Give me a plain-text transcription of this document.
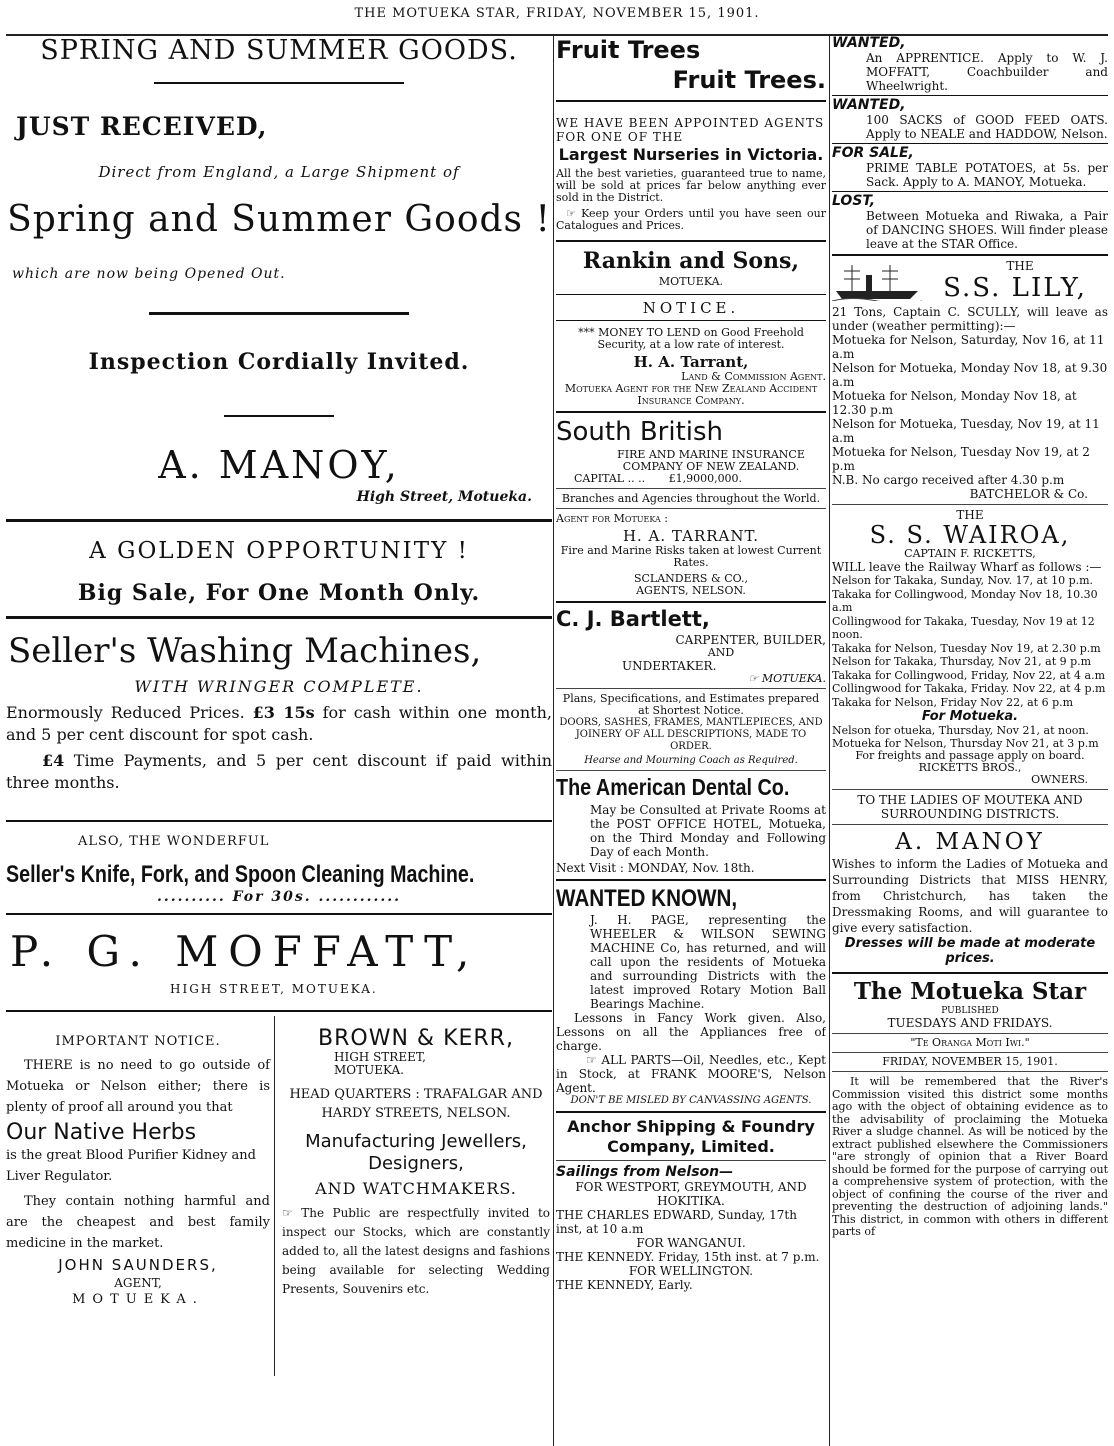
THE MOTUEKA STAR, FRIDAY, NOVEMBER 15, 1901.
SPRING AND SUMMER GOODS.
JUST RECEIVED,
Direct from England, a Large Shipment of
Spring and Summer Goods !
which are now being Opened Out.
Inspection Cordially Invited.
A. MANOY,
High Street, Motueka.
A GOLDEN OPPORTUNITY !
Big Sale, For One Month Only.
Seller's Washing Machines,
WITH WRINGER COMPLETE.
Enormously Reduced Prices. £3 15s for cash within one month, and 5 per cent discount for spot cash.
£4 Time Payments, and 5 per cent discount if paid within three months.
ALSO, THE WONDERFUL
Seller's Knife, Fork, and Spoon Cleaning Machine.
.......... For 30s. ............
P. G. MOFFATT,
HIGH STREET, MOTUEKA.
IMPORTANT NOTICE.
THERE is no need to go outside of Motueka or Nelson either; there is plenty of proof all around you that
Our Native Herbs
is the great Blood Purifier Kidney and Liver Regulator.
They contain nothing harmful and are the cheapest and best family medicine in the market.
JOHN SAUNDERS,
AGENT,
MOTUEKA.
BROWN & KERR,
HIGH STREET,
MOTUEKA.
HEAD QUARTERS : TRAFALGAR AND HARDY STREETS, NELSON.
Manufacturing Jewellers, Designers,
AND WATCHMAKERS.
☞ The Public are respectfully invited to inspect our Stocks, which are constantly added to, all the latest designs and fashions being available for selecting Wedding Presents, Souvenirs etc.
Fruit Trees
Fruit Trees.
WE HAVE BEEN APPOINTED AGENTS FOR ONE OF THE
Largest Nurseries in Victoria.
All the best varieties, guaranteed true to name, will be sold at prices far below anything ever sold in the District.
☞ Keep your Orders until you have seen our Catalogues and Prices.
Rankin and Sons,
MOTUEKA.
NOTICE.
*** MONEY TO LEND on Good Freehold Security, at a low rate of interest.
H. A. Tarrant,
Land & Commission Agent.
Motueka Agent for the New Zealand Accident Insurance Company.
South British
FIRE AND MARINE INSURANCE COMPANY OF NEW ZEALAND.
CAPITAL .. .. £1,9000,000.
Branches and Agencies throughout the World.
Agent for Motueka :
H. A. TARRANT.
Fire and Marine Risks taken at lowest Current Rates.
SCLANDERS & CO.,
AGENTS, NELSON.
C. J. Bartlett,
CARPENTER, BUILDER,
AND
UNDERTAKER.
☞ MOTUEKA.
Plans, Specifications, and Estimates prepared at Shortest Notice.
DOORS, SASHES, FRAMES, MANTLEPIECES, AND JOINERY OF ALL DESCRIPTIONS, MADE TO ORDER.
Hearse and Mourning Coach as Required.
The American Dental Co.
May be Consulted at Private Rooms at the POST OFFICE HOTEL, Motueka, on the Third Monday and Following Day of each Month.
Next Visit : MONDAY, Nov. 18th.
WANTED KNOWN,
J. H. PAGE, representing the WHEELER & WILSON SEWING MACHINE Co, has returned, and will call upon the residents of Motueka and surrounding Districts with the latest improved Rotary Motion Ball Bearings Machine.
Lessons in Fancy Work given. Also, Lessons on all the Appliances free of charge.
☞ ALL PARTS—Oil, Needles, etc., Kept in Stock, at FRANK MOORE'S, Nelson Agent.
DON'T BE MISLED BY CANVASSING AGENTS.
Anchor Shipping & Foundry Company, Limited.
Sailings from Nelson—
FOR WESTPORT, GREYMOUTH, AND HOKITIKA.
THE CHARLES EDWARD, Sunday, 17th inst, at 10 a.m
FOR WANGANUI.
THE KENNEDY. Friday, 15th inst. at 7 p.m.
FOR WELLINGTON.
THE KENNEDY, Early.
WANTED,
An APPRENTICE. Apply to W. J. MOFFATT, Coachbuilder and Wheelwright.
WANTED,
100 SACKS of GOOD FEED OATS. Apply to NEALE and HADDOW, Nelson.
FOR SALE,
PRIME TABLE POTATOES, at 5s. per Sack. Apply to A. MANOY, Motueka.
LOST,
Between Motueka and Riwaka, a Pair of DANCING SHOES. Will finder please leave at the STAR Office.
THE
S.S. LILY,
21 Tons, Captain C. SCULLY, will leave as under (weather permitting):—
Motueka for Nelson, Saturday, Nov 16, at 11 a.m
Nelson for Motueka, Monday Nov 18, at 9.30 a.m
Motueka for Nelson, Monday Nov 18, at 12.30 p.m
Nelson for Motueka, Tuesday, Nov 19, at 11 a.m
Motueka for Nelson, Tuesday Nov 19, at 2 p.m
N.B. No cargo received after 4.30 p.m
BATCHELOR & Co.
THE
S. S. WAIROA,
CAPTAIN F. RICKETTS,
WILL leave the Railway Wharf as follows :—
Nelson for Takaka, Sunday, Nov. 17, at 10 p.m.
Takaka for Collingwood, Monday Nov 18, 10.30 a.m
Collingwood for Takaka, Tuesday, Nov 19 at 12 noon.
Takaka for Nelson, Tuesday Nov 19, at 2.30 p.m
Nelson for Takaka, Thursday, Nov 21, at 9 p.m
Takaka for Collingwood, Friday, Nov 22, at 4 a.m
Collingwood for Takaka, Friday. Nov 22, at 4 p.m
Takaka for Nelson, Friday Nov 22, at 6 p.m
For Motueka.
Nelson for otueka, Thursday, Nov 21, at noon.
Motueka for Nelson, Thursday Nov 21, at 3 p.m
For freights and passage apply on board.
RICKETTS BROS.,
OWNERS.
TO THE LADIES OF MOUTEKA AND SURROUNDING DISTRICTS.
A. MANOY
Wishes to inform the Ladies of Motueka and Surrounding Districts that MISS HENRY, from Christchurch, has taken the Dressmaking Rooms, and will guarantee to give every satisfaction.
Dresses will be made at moderate prices.
The Motueka Star
PUBLISHED
TUESDAYS AND FRIDAYS.
"Te Oranga Moti Iwi."
FRIDAY, NOVEMBER 15, 1901.
It will be remembered that the River's Commission visited this district some months ago with the object of obtaining evidence as to the advisability of proclaiming the Motueka River a sludge channel. As will be noticed by the extract published elsewhere the Commissioners "are strongly of opinion that a River Board should be formed for the purpose of carrying out a comprehensive system of protection, with the object of confining the course of the river and preventing the destruction of adjoining lands." This district, in common with others in different parts of
